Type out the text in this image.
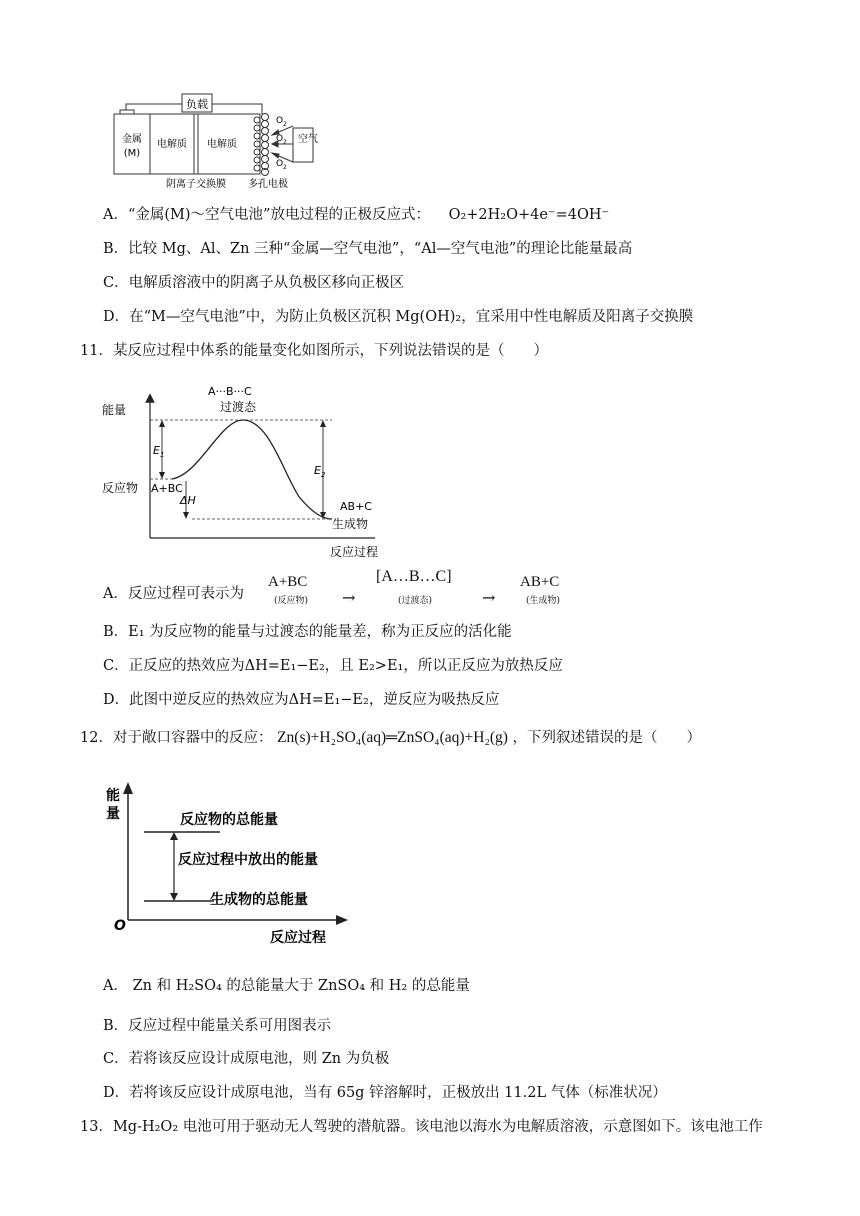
负载
金属
(M)
电解质 电解质
O 2
O 2
O 2
空气
阴离子交换膜 多孔电极
A．“金属(M)～空气电池”放电过程的正极反应式： O₂+2H₂O+4e⁻=4OH⁻
B．比较 Mg、Al、Zn 三种“金属—空气电池”，“Al—空气电池”的理论比能量最高
C．电解质溶液中的阴离子从负极区移向正极区
D．在“M—空气电池”中，为防止负极区沉积 Mg(OH)₂，宜采用中性电解质及阳离子交换膜
11．某反应过程中体系的能量变化如图所示，下列说法错误的是（　　）
能量
反应过程
A···B···C
过渡态
反应物 A+BC
AB+C
生成物
$E_1$
$E_2$
ΔH
A．反应过程可表示为
A+BC
(反应物) →
[A…B…C]
(过渡态)	→
AB+C
(生成物)
B．E₁ 为反应物的能量与过渡态的能量差，称为正反应的活化能
C．正反应的热效应为ΔH=E₁−E₂，且 E₂>E₁，所以正反应为放热反应
D．此图中逆反应的热效应为ΔH=E₁−E₂，逆反应为吸热反应
12．对于敞口容器中的反应： Zn(s)+H₂SO₄(aq)═ZnSO₄(aq)+H₂(g) ，下列叙述错误的是（　　）
能
量
O
反应过程
反应物的总能量
反应过程中放出的能量
生成物的总能量
A． Zn 和 H₂SO₄ 的总能量大于 ZnSO₄ 和 H₂ 的总能量
B．反应过程中能量关系可用图表示
C．若将该反应设计成原电池，则 Zn 为负极
D．若将该反应设计成原电池，当有 65g 锌溶解时，正极放出 11.2L 气体（标准状况）
13．Mg-H₂O₂ 电池可用于驱动无人驾驶的潜航器。该电池以海水为电解质溶液，示意图如下。该电池工作
